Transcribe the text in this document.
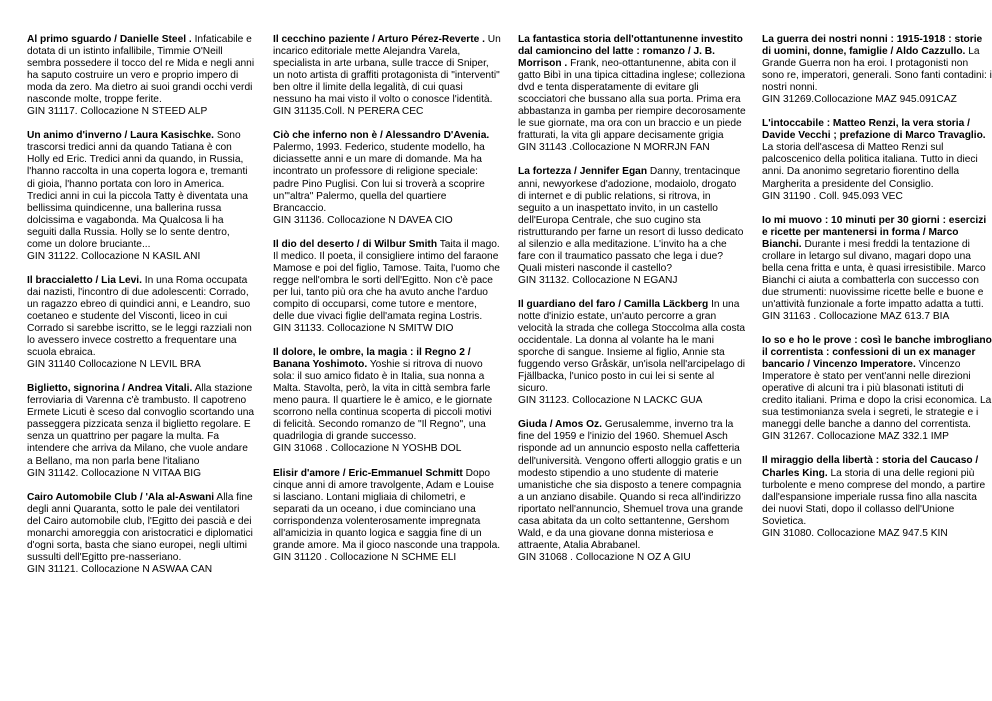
Al primo sguardo / Danielle Steel . Infaticabile e dotata di un istinto infallibile, Timmie O'Neill sembra possedere il tocco del re Mida e negli anni ha saputo costruire un vero e proprio impero di moda da zero. Ma dietro ai suoi grandi occhi verdi nasconde molte, troppe ferite.
GIN 31117. Collocazione N STEED ALP
Un animo d'inverno / Laura Kasischke. Sono trascorsi tredici anni da quando Tatiana è con Holly ed Eric. Tredici anni da quando, in Russia, l'hanno raccolta in una coperta logora e, tremanti di gioia, l'hanno portata con loro in America. Tredici anni in cui la piccola Tatty è diventata una bellissima quindicenne, una ballerina russa dolcissima e vagabonda. Ma Qualcosa li ha seguiti dalla Russia. Holly se lo sente dentro, come un dolore bruciante...
GIN 31122. Collocazione N KASIL ANI
Il braccialetto / Lia Levi. In una Roma occupata dai nazisti, l'incontro di due adolescenti: Corrado, un ragazzo ebreo di quindici anni, e Leandro, suo coetaneo e studente del Visconti, liceo in cui Corrado si sarebbe iscritto, se le leggi razziali non lo avessero invece costretto a frequentare una scuola ebraica.
GIN 31140 Collocazione N LEVIL BRA
Biglietto, signorina / Andrea Vitali. Alla stazione ferroviaria di Varenna c'è trambusto. Il capotreno Ermete Licuti è sceso dal convoglio scortando una passeggera pizzicata senza il biglietto regolare. E senza un quattrino per pagare la multa. Fa intendere che arriva da Milano, che vuole andare a Bellano, ma non parla bene l'italiano
GIN 31142. Collocazione N VITAA BIG
Cairo Automobile Club / 'Ala al-Aswani Alla fine degli anni Quaranta, sotto le pale dei ventilatori del Cairo automobile club, l'Egitto dei pascià e dei monarchi amoreggia con aristocratici e diplomatici d'ogni sorta, basta che siano europei, negli ultimi sussulti dell'Egitto pre-nasseriano.
GIN 31121. Collocazione N ASWAA CAN
Il cecchino paziente / Arturo Pérez-Reverte . Un incarico editoriale mette Alejandra Varela, specialista in arte urbana, sulle tracce di Sniper, un noto artista di graffiti protagonista di "interventi" ben oltre il limite della legalità, di cui quasi nessuno ha mai visto il volto o conosce l'identità. GIN 31135.Coll. N PERERA CEC
Ciò che inferno non è / Alessandro D'Avenia. Palermo, 1993. Federico, studente modello, ha diciassette anni e un mare di domande. Ma ha incontrato un professore di religione speciale: padre Pino Puglisi. Con lui si troverà a scoprire un'"altra" Palermo, quella del quartiere Brancaccio.
GIN 31136. Collocazione N DAVEA CIO
Il dio del deserto / di Wilbur Smith Taita il mago. Il medico. Il poeta, il consigliere intimo del faraone Mamose e poi del figlio, Tamose. Taita, l'uomo che regge nell'ombra le sorti dell'Egitto. Non c'è pace per lui, tanto più ora che ha avuto anche l'arduo compito di occuparsi, come tutore e mentore, delle due vivaci figlie dell'amata regina Lostris.
GIN 31133. Collocazione N SMITW DIO
Il dolore, le ombre, la magia : il Regno 2 / Banana Yoshimoto. Yoshie si ritrova di nuovo sola: il suo amico fidato è in Italia, sua nonna a Malta. Stavolta, però, la vita in città sembra farle meno paura. Il quartiere le è amico, e le giornate scorrono nella continua scoperta di piccoli motivi di felicità. Secondo romanzo de "Il Regno", una quadrilogia di grande successo.
GIN 31068 . Collocazione N YOSHB DOL
Elisir d'amore / Eric-Emmanuel Schmitt Dopo cinque anni di amore travolgente, Adam e Louise si lasciano. Lontani migliaia di chilometri, e separati da un oceano, i due cominciano una corrispondenza volenterosamente impregnata all'amicizia in quanto logica e saggia fine di un grande amore. Ma il gioco nasconde una trappola.
GIN 31120 . Collocazione N SCHME ELI
La fantastica storia dell'ottantunenne investito dal camioncino del latte : romanzo / J. B. Morrison . Frank, neo-ottantunenne, abita con il gatto Bibì in una tipica cittadina inglese; colleziona dvd e tenta disperatamente di evitare gli scocciatori che bussano alla sua porta. Prima era abbastanza in gamba per riempire decorosamente le sue giornate, ma ora con un braccio e un piede fratturati, la vita gli appare decisamente grigia
GIN 31143 .Collocazione N MORRJN FAN
La fortezza / Jennifer Egan Danny, trentacinque anni, newyorkese d'adozione, modaiolo, drogato di internet e di public relations, si ritrova, in seguito a un inaspettato invito, in un castello dell'Europa Centrale, che suo cugino sta ristrutturando per farne un resort di lusso dedicato al silenzio e alla meditazione. L'invito ha a che fare con il traumatico passato che lega i due? Quali misteri nasconde il castello?
GIN 31132. Collocazione N EGANJ
Il guardiano del faro / Camilla Läckberg In una notte d'inizio estate, un'auto percorre a gran velocità la strada che collega Stoccolma alla costa occidentale. La donna al volante ha le mani sporche di sangue. Insieme al figlio, Annie sta fuggendo verso Gråskär, un'isola nell'arcipelago di Fjällbacka, l'unico posto in cui lei si sente al sicuro.
GIN 31123. Collocazione N LACKC GUA
Giuda / Amos Oz. Gerusalemme, inverno tra la fine del 1959 e l'inizio del 1960. Shemuel Asch risponde ad un annuncio esposto nella caffetteria dell'università. Vengono offerti alloggio gratis e un modesto stipendio a uno studente di materie umanistiche che sia disposto a tenere compagnia a un anziano disabile. Quando si reca all'indirizzo riportato nell'annuncio, Shemuel trova una grande casa abitata da un colto settantenne, Gershom Wald, e da una giovane donna misteriosa e attraente, Atalia Abrabanel.
GIN 31068 . Collocazione N OZ A GIU
La guerra dei nostri nonni : 1915-1918 : storie di uomini, donne, famiglie / Aldo Cazzullo. La Grande Guerra non ha eroi. I protagonisti non sono re, imperatori, generali. Sono fanti contadini: i nostri nonni.
GIN 31269.Collocazione MAZ 945.091CAZ
L'intoccabile : Matteo Renzi, la vera storia / Davide Vecchi ; prefazione di Marco Travaglio. La storia dell'ascesa di Matteo Renzi sul palcoscenico della politica italiana. Tutto in dieci anni. Da anonimo segretario fiorentino della Margherita a presidente del Consiglio.
GIN 31190 . Coll. 945.093 VEC
Io mi muovo : 10 minuti per 30 giorni : esercizi e ricette per mantenersi in forma / Marco Bianchi. Durante i mesi freddi la tentazione di crollare in letargo sul divano, magari dopo una bella cena fritta e unta, è quasi irresistibile. Marco Bianchi ci aiuta a combatterla con successo con due strumenti: nuovissime ricette belle e buone e un'attività funzionale a forte impatto adatta a tutti.
GIN 31163 . Collocazione MAZ 613.7 BIA
Io so e ho le prove : così le banche imbrogliano il correntista : confessioni di un ex manager bancario / Vincenzo Imperatore. Vincenzo Imperatore è stato per vent'anni nelle direzioni operative di alcuni tra i più blasonati istituti di credito italiani. Prima e dopo la crisi economica. La sua testimonianza svela i segreti, le strategie e i maneggi delle banche a danno del correntista.
GIN 31267. Collocazione MAZ 332.1 IMP
Il miraggio della libertà : storia del Caucaso / Charles King. La storia di una delle regioni più turbolente e meno comprese del mondo, a partire dall'espansione imperiale russa fino alla nascita dei nuovi Stati, dopo il collasso dell'Unione Sovietica.
GIN 31080. Collocazione MAZ 947.5 KIN
